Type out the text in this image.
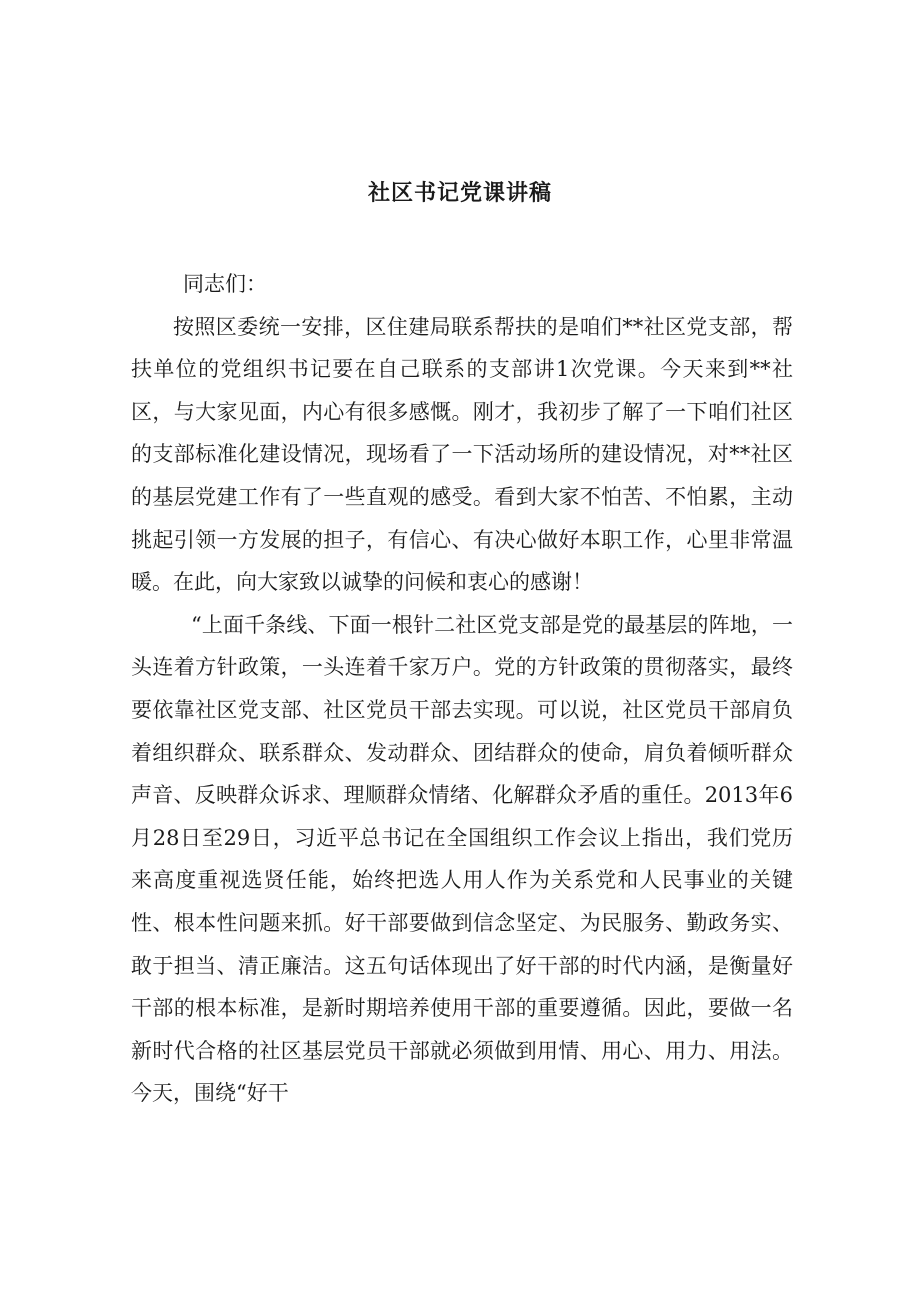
社区书记党课讲稿

同志们：

按照区委统一安排，区住建局联系帮扶的是咱们**社区党支部，帮扶单位的党组织书记要在自己联系的支部讲1次党课。今天来到**社区，与大家见面，内心有很多感慨。刚才，我初步了解了一下咱们社区的支部标准化建设情况，现场看了一下活动场所的建设情况，对**社区的基层党建工作有了一些直观的感受。看到大家不怕苦、不怕累，主动挑起引领一方发展的担子，有信心、有决心做好本职工作，心里非常温暖。在此，向大家致以诚挚的问候和衷心的感谢！

“上面千条线、下面一根针二社区党支部是党的最基层的阵地，一头连着方针政策，一头连着千家万户。党的方针政策的贯彻落实，最终要依靠社区党支部、社区党员干部去实现。可以说，社区党员干部肩负着组织群众、联系群众、发动群众、团结群众的使命，肩负着倾听群众声音、反映群众诉求、理顺群众情绪、化解群众矛盾的重任。2013年6月28日至29日，习近平总书记在全国组织工作会议上指出，我们党历来高度重视选贤任能，始终把选人用人作为关系党和人民事业的关键性、根本性问题来抓。好干部要做到信念坚定、为民服务、勤政务实、敢于担当、清正廉洁。这五句话体现出了好干部的时代内涵，是衡量好干部的根本标准，是新时期培养使用干部的重要遵循。因此，要做一名新时代合格的社区基层党员干部就必须做到用情、用心、用力、用法。今天，围绕“好干
